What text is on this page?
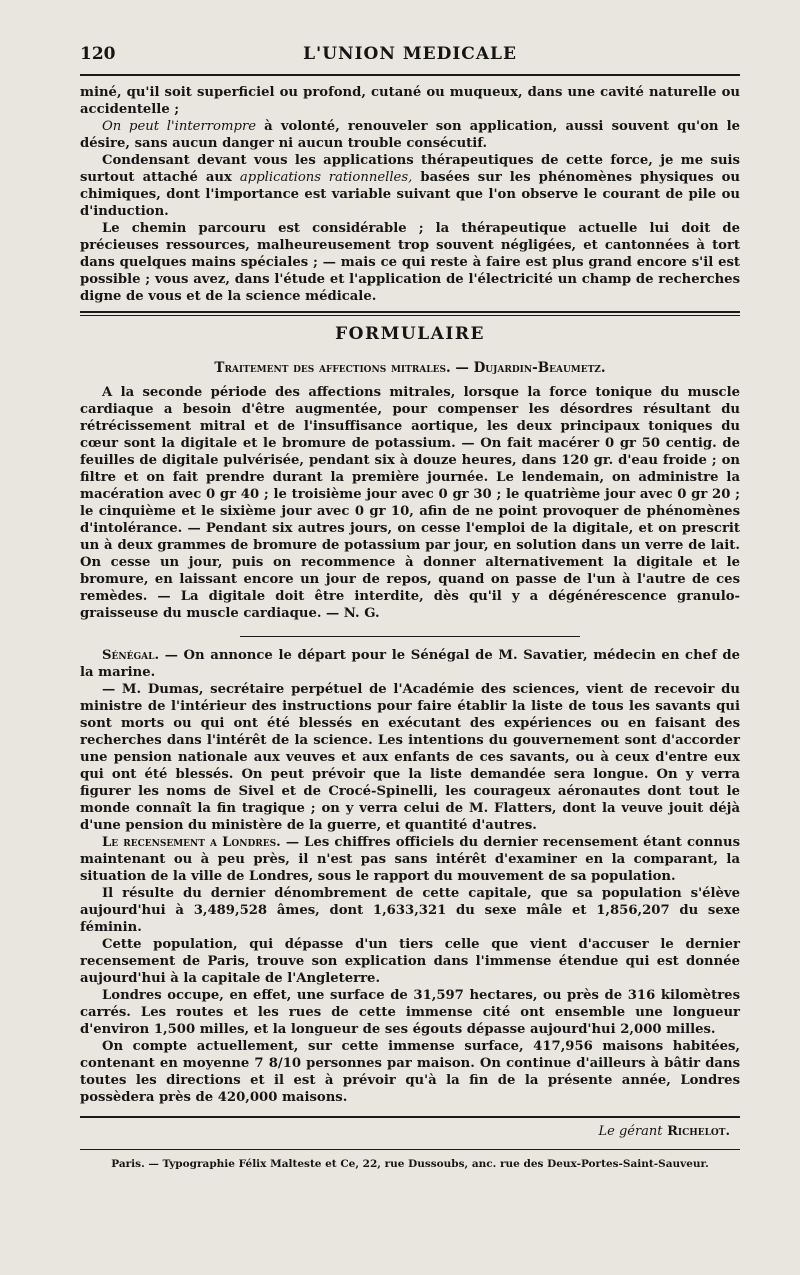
120	L'UNION MEDICALE

miné, qu'il soit superficiel ou profond, cutané ou muqueux, dans une cavité naturelle ou accidentelle ;

On peut l'interrompre à volonté, renouveler son application, aussi souvent qu'on le désire, sans aucun danger ni aucun trouble consécutif.

Condensant devant vous les applications thérapeutiques de cette force, je me suis surtout attaché aux applications rationnelles, basées sur les phénomènes physiques ou chimiques, dont l'importance est variable suivant que l'on observe le courant de pile ou d'induction.

Le chemin parcouru est considérable ; la thérapeutique actuelle lui doit de précieuses ressources, malheureusement trop souvent négligées, et cantonnées à tort dans quelques mains spéciales ; — mais ce qui reste à faire est plus grand encore s'il est possible ; vous avez, dans l'étude et l'application de l'électricité un champ de recherches digne de vous et de la science médicale.

FORMULAIRE
Traitement des affections mitrales. — Dujardin-Beaumetz.

A la seconde période des affections mitrales, lorsque la force tonique du muscle cardiaque a besoin d'être augmentée, pour compenser les désordres résultant du rétrécissement mitral et de l'insuffisance aortique, les deux principaux toniques du cœur sont la digitale et le bromure de potassium. — On fait macérer 0 gr 50 centig. de feuilles de digitale pulvérisée, pendant six à douze heures, dans 120 gr. d'eau froide ; on filtre et on fait prendre durant la première journée. Le lendemain, on administre la macération avec 0 gr 40 ; le troisième jour avec 0 gr 30 ; le quatrième jour avec 0 gr 20 ; le cinquième et le sixième jour avec 0 gr 10, afin de ne point provoquer de phénomènes d'intolérance. — Pendant six autres jours, on cesse l'emploi de la digitale, et on prescrit un à deux grammes de bromure de potassium par jour, en solution dans un verre de lait. On cesse un jour, puis on recommence à donner alternativement la digitale et le bromure, en laissant encore un jour de repos, quand on passe de l'un à l'autre de ces remèdes. — La digitale doit être interdite, dès qu'il y a dégénérescence granulo-graisseuse du muscle cardiaque. — N. G.

Sénégal. — On annonce le départ pour le Sénégal de M. Savatier, médecin en chef de la marine.

— M. Dumas, secrétaire perpétuel de l'Académie des sciences, vient de recevoir du ministre de l'intérieur des instructions pour faire établir la liste de tous les savants qui sont morts ou qui ont été blessés en exécutant des expériences ou en faisant des recherches dans l'intérêt de la science. Les intentions du gouvernement sont d'accorder une pension nationale aux veuves et aux enfants de ces savants, ou à ceux d'entre eux qui ont été blessés. On peut prévoir que la liste demandée sera longue. On y verra figurer les noms de Sivel et de Crocé-Spinelli, les courageux aéronautes dont tout le monde connaît la fin tragique ; on y verra celui de M. Flatters, dont la veuve jouit déjà d'une pension du ministère de la guerre, et quantité d'autres.

Le recensement a Londres. — Les chiffres officiels du dernier recensement étant connus maintenant ou à peu près, il n'est pas sans intérêt d'examiner en la comparant, la situation de la ville de Londres, sous le rapport du mouvement de sa population.

Il résulte du dernier dénombrement de cette capitale, que sa population s'élève aujourd'hui à 3,489,528 âmes, dont 1,633,321 du sexe mâle et 1,856,207 du sexe féminin.

Cette population, qui dépasse d'un tiers celle que vient d'accuser le dernier recensement de Paris, trouve son explication dans l'immense étendue qui est donnée aujourd'hui à la capitale de l'Angleterre.

Londres occupe, en effet, une surface de 31,597 hectares, ou près de 316 kilomètres carrés. Les routes et les rues de cette immense cité ont ensemble une longueur d'environ 1,500 milles, et la longueur de ses égouts dépasse aujourd'hui 2,000 milles.

On compte actuellement, sur cette immense surface, 417,956 maisons habitées, contenant en moyenne 7 8/10 personnes par maison. On continue d'ailleurs à bâtir dans toutes les directions et il est à prévoir qu'à la fin de la présente année, Londres possèdera près de 420,000 maisons.

Le gérant Richelot.
Paris. — Typographie Félix Malteste et Ce, 22, rue Dussoubs, anc. rue des Deux-Portes-Saint-Sauveur.
